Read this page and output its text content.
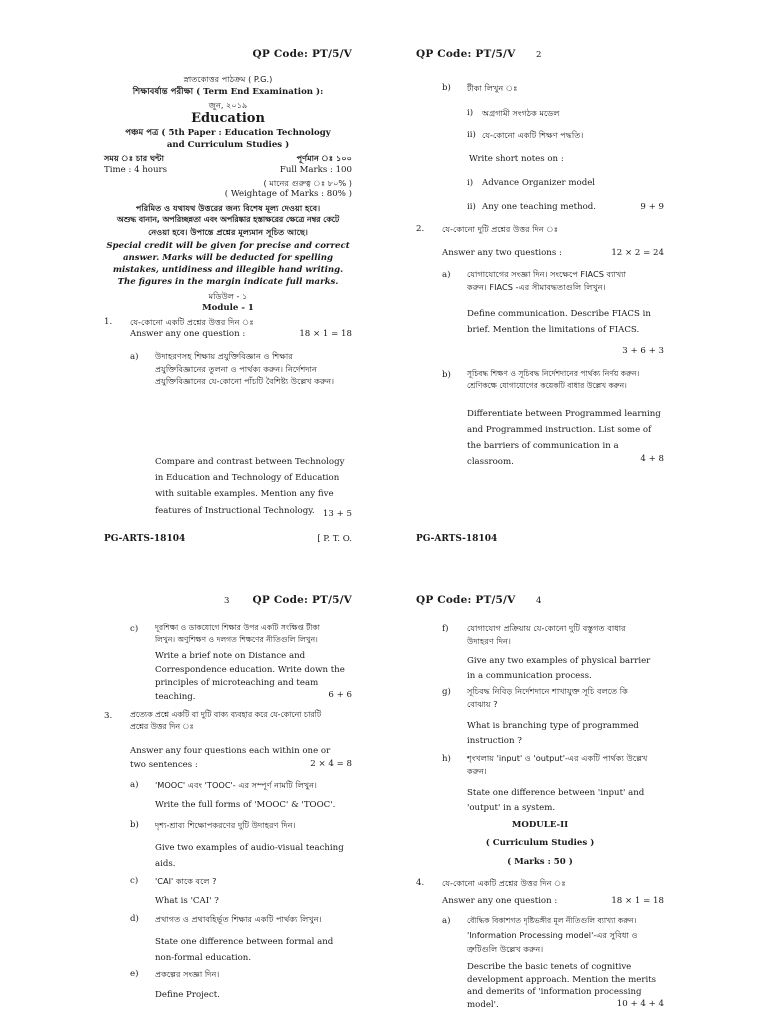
QP Code: PT/5/V
স্নাতকোত্তর পাঠক্রম ( P.G.)
শিক্ষাবর্ষান্ত পরীক্ষা ( Term End Examination ):
জুন, ২০১৯
Education
পঞ্চম পত্র ( 5th Paper : Education Technology
and Curriculum Studies )
সময় ঃ চার ঘন্টা	পূর্ণমান ঃ ১০০
Time : 4 hours	Full Marks : 100
( মানের গুরুত্ব ঃ ৮০% )
( Weightage of Marks : 80% )
পরিমিত ও যথাযথ উত্তরের জন্য বিশেষ মূল্য দেওয়া হবে।
অশুদ্ধ বানান, অপরিচ্ছন্নতা এবং অপরিষ্কার হস্তাক্ষরের ক্ষেত্রে নম্বর কেটে
নেওয়া হবে। উপান্তে প্রশ্নের মূল্যমান সূচিত আছে।
Special credit will be given for precise and correct
answer. Marks will be deducted for spelling
mistakes, untidiness and illegible hand writing.
The figures in the margin indicate full marks.
মডিউল - ১
Module - 1
1. যে-কোনো একটি প্রশ্নের উত্তর দিন ঃ
Answer any one question :	18 × 1 = 18
a) উদাহরণসহ শিক্ষায় প্রযুক্তিবিজ্ঞান ও শিক্ষার
প্রযুক্তিবিজ্ঞানের তুলনা ও পার্থক্য করুন। নির্দেশদান
প্রযুক্তিবিজ্ঞানের যে-কোনো পাঁচটি বৈশিষ্ট্য উল্লেখ করুন।
Compare and contrast between Technology
in Education and Technology of Education
with suitable examples. Mention any five
features of Instructional Technology. 13 + 5
PG-ARTS-18104	[ P. T. O.
QP Code: PT/5/V 2
b) টীকা লিখুন ঃ
i) অগ্রগামী সংগঠক মডেল
ii) যে-কোনো একটি শিক্ষণ পদ্ধতি।
Write short notes on :
i) Advance Organizer model
ii) Any one teaching method.	9 + 9
2. যে-কোনো দুটি প্রশ্নের উত্তর দিন ঃ
Answer any two questions :	12 × 2 = 24
a) যোগাযোগের সংজ্ঞা দিন। সংক্ষেপে FIACS ব্যাখ্যা
করুন। FIACS -এর সীমাবদ্ধতাগুলি লিখুন।
Define communication. Describe FIACS in
brief. Mention the limitations of FIACS.
3 + 6 + 3
b) সূচিবদ্ধ শিক্ষণ ও সূচিবদ্ধ নির্দেশদানের পার্থক্য নির্ণয় করুন।
শ্রেণিকক্ষে যোগাযোগের কয়েকটি বাধার উল্লেখ করুন।
Differentiate between Programmed learning
and Programmed instruction. List some of
the barriers of communication in a
classroom.	4 + 8
PG-ARTS-18104
3	QP Code: PT/5/V
c) দূরশিক্ষা ও ডাকযোগে শিক্ষার উপর একটি সংক্ষিপ্ত টীকা
লিখুন। অণুশিক্ষণ ও দলগত শিক্ষণের নীতিগুলি লিখুন।
Write a brief note on Distance and
Correspondence education. Write down the
principles of microteaching and team
teaching.	6 + 6
3. প্রত্যেক প্রশ্নে একটি বা দুটি বাক্য ব্যবহার করে যে-কোনো চারটি
প্রশ্নের উত্তর দিন ঃ
Answer any four questions each within one or
two sentences :	2 × 4 = 8
a) 'MOOC' এবং 'TOOC'- এর সম্পূর্ণ নামটি লিখুন।
Write the full forms of 'MOOC' & 'TOOC'.
b) দৃশ্য-শ্রাব্য শিক্ষোপকরণের দুটি উদাহরণ দিন।
Give two examples of audio-visual teaching
aids.
c) 'CAI' কাকে বলে ?
What is 'CAI' ?
d) প্রথাগত ও প্রথাবহির্ভূত শিক্ষার একটি পার্থক্য লিখুন।
State one difference between formal and
non-formal education.
e) প্রকল্পের সংজ্ঞা দিন।
Define Project.
QP Code: PT/5/V 4
f) যোগাযোগ প্রক্রিয়ায় যে-কোনো দুটি বস্তুগত বাধার
উদাহরণ দিন।
Give any two examples of physical barrier
in a communication process.
g) সূচিবদ্ধ নিবিড় নির্দেশদানে শাখাযুক্ত সূচি বলতে কি
বোঝায় ?
What is branching type of programmed
instruction ?
h) শৃংখলায় 'input' ও 'output'-এর একটি পার্থক্য উল্লেখ
করুন।
State one difference between 'input' and
'output' in a system.
MODULE-II
( Curriculum Studies )
( Marks : 50 )
4. যে-কোনো একটি প্রশ্নের উত্তর দিন ঃ
Answer any one question :	18 × 1 = 18
a) বৌদ্ধিক বিকাশগত দৃষ্টিভঙ্গীর মূল নীতিগুলি ব্যাখ্যা করুন।
'Information Processing model'-এর সুবিধা ও
ত্রুটিগুলি উল্লেখ করুন।
Describe the basic tenets of cognitive
development approach. Mention the merits
and demerits of 'information processing
model'.	10 + 4 + 4
